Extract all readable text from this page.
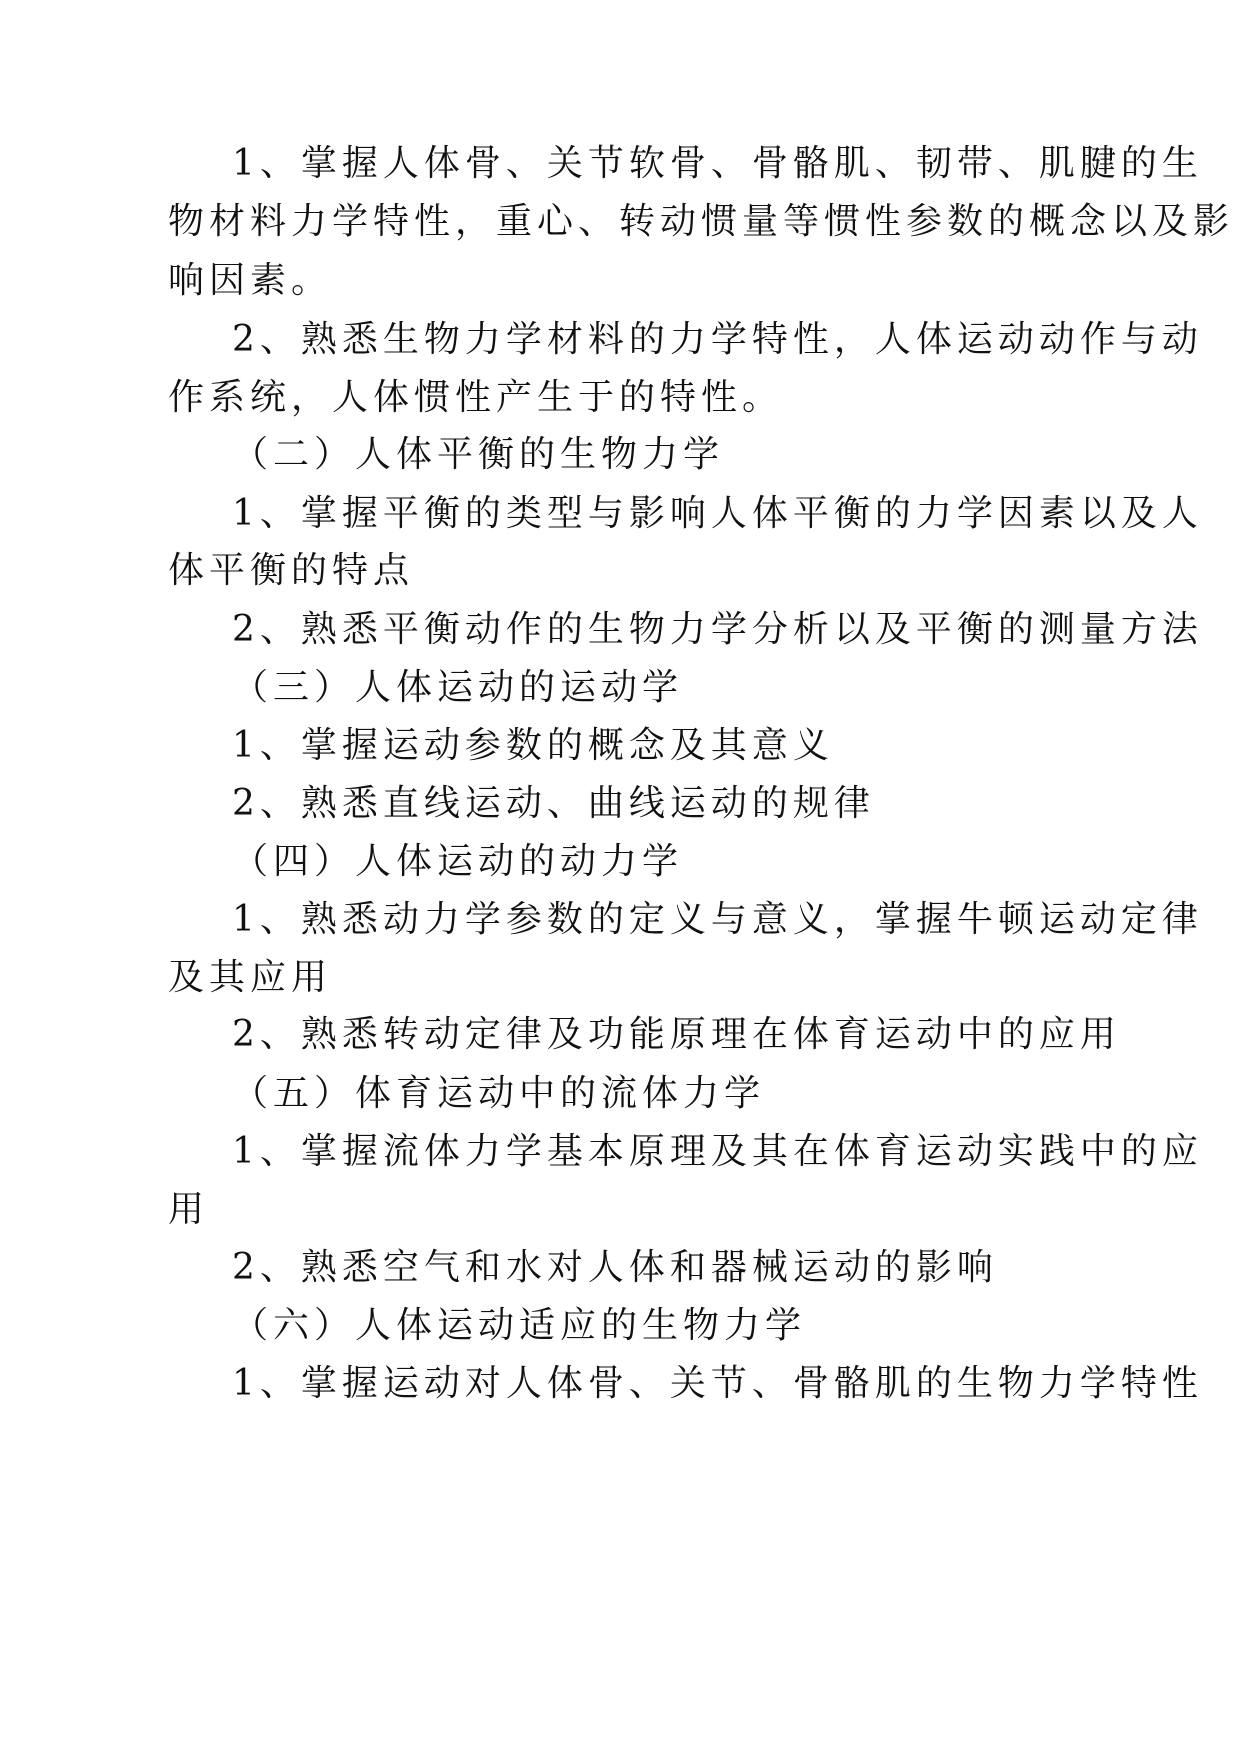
1、掌握人体骨、关节软骨、骨骼肌、韧带、肌腱的生
物材料力学特性，重心、转动惯量等惯性参数的概念以及影
响因素。
2、熟悉生物力学材料的力学特性，人体运动动作与动
作系统，人体惯性产生于的特性。
（二）人体平衡的生物力学
1、掌握平衡的类型与影响人体平衡的力学因素以及人
体平衡的特点
2、熟悉平衡动作的生物力学分析以及平衡的测量方法
（三）人体运动的运动学
1、掌握运动参数的概念及其意义
2、熟悉直线运动、曲线运动的规律
（四）人体运动的动力学
1、熟悉动力学参数的定义与意义，掌握牛顿运动定律
及其应用
2、熟悉转动定律及功能原理在体育运动中的应用
（五）体育运动中的流体力学
1、掌握流体力学基本原理及其在体育运动实践中的应
用
2、熟悉空气和水对人体和器械运动的影响
（六）人体运动适应的生物力学
1、掌握运动对人体骨、关节、骨骼肌的生物力学特性
